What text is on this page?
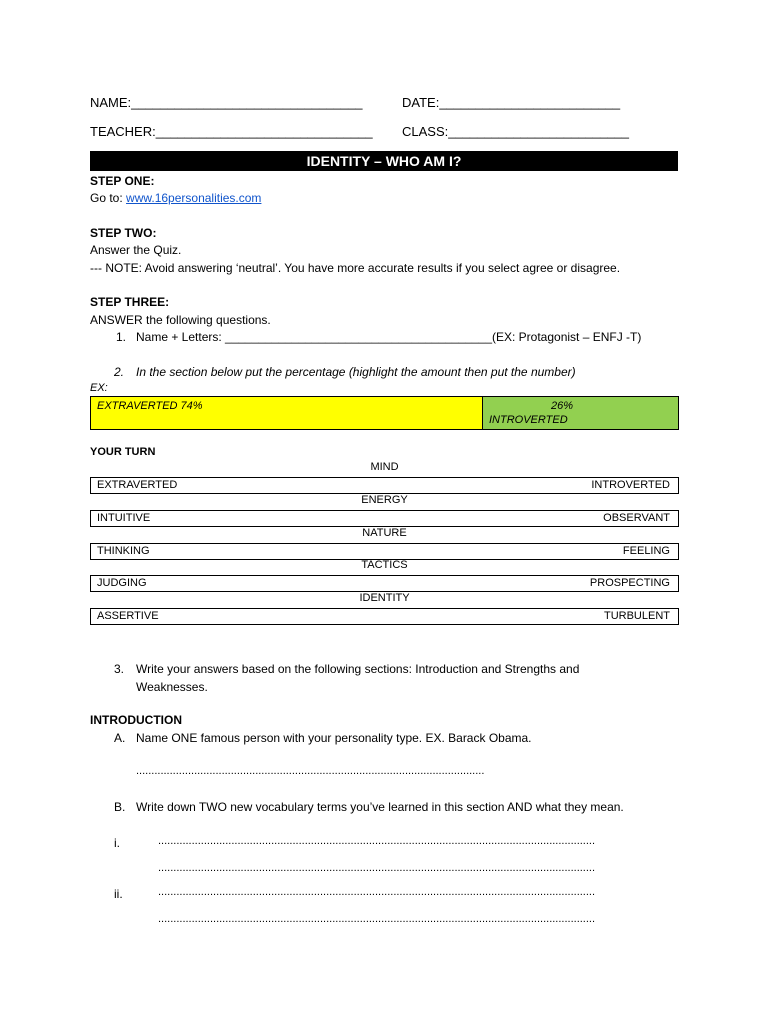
NAME:________________________________	DATE:_________________________
TEACHER:______________________________ CLASS:_________________________
IDENTITY – WHO AM I?
STEP ONE:
Go to: www.16personalities.com
STEP TWO:
Answer the Quiz.
--- NOTE: Avoid answering ‘neutral’. You have more accurate results if you select agree or disagree.
STEP THREE:
ANSWER the following questions.
1. Name + Letters: ________________________________________(EX: Protagonist – ENFJ -T)
2. In the section below put the percentage (highlight the amount then put the number)
EX:
EXTRAVERTED 74%	26%
INTROVERTED
YOUR TURN
MIND
EXTRAVERTED	INTROVERTED
ENERGY
INTUITIVE	OBSERVANT
NATURE
THINKING	FEELING
TACTICS
JUDGING	PROSPECTING
IDENTITY
ASSERTIVE	TURBULENT
3. Write your answers based on the following sections: Introduction and Strengths and
Weaknesses.
INTRODUCTION
A. Name ONE famous person with your personality type. EX. Barack Obama.
..................................................................................................................
B. Write down TWO new vocabulary terms you’ve learned in this section AND what they mean.
i.	...............................................................................................................................................
...............................................................................................................................................
ii.	...............................................................................................................................................
...............................................................................................................................................
